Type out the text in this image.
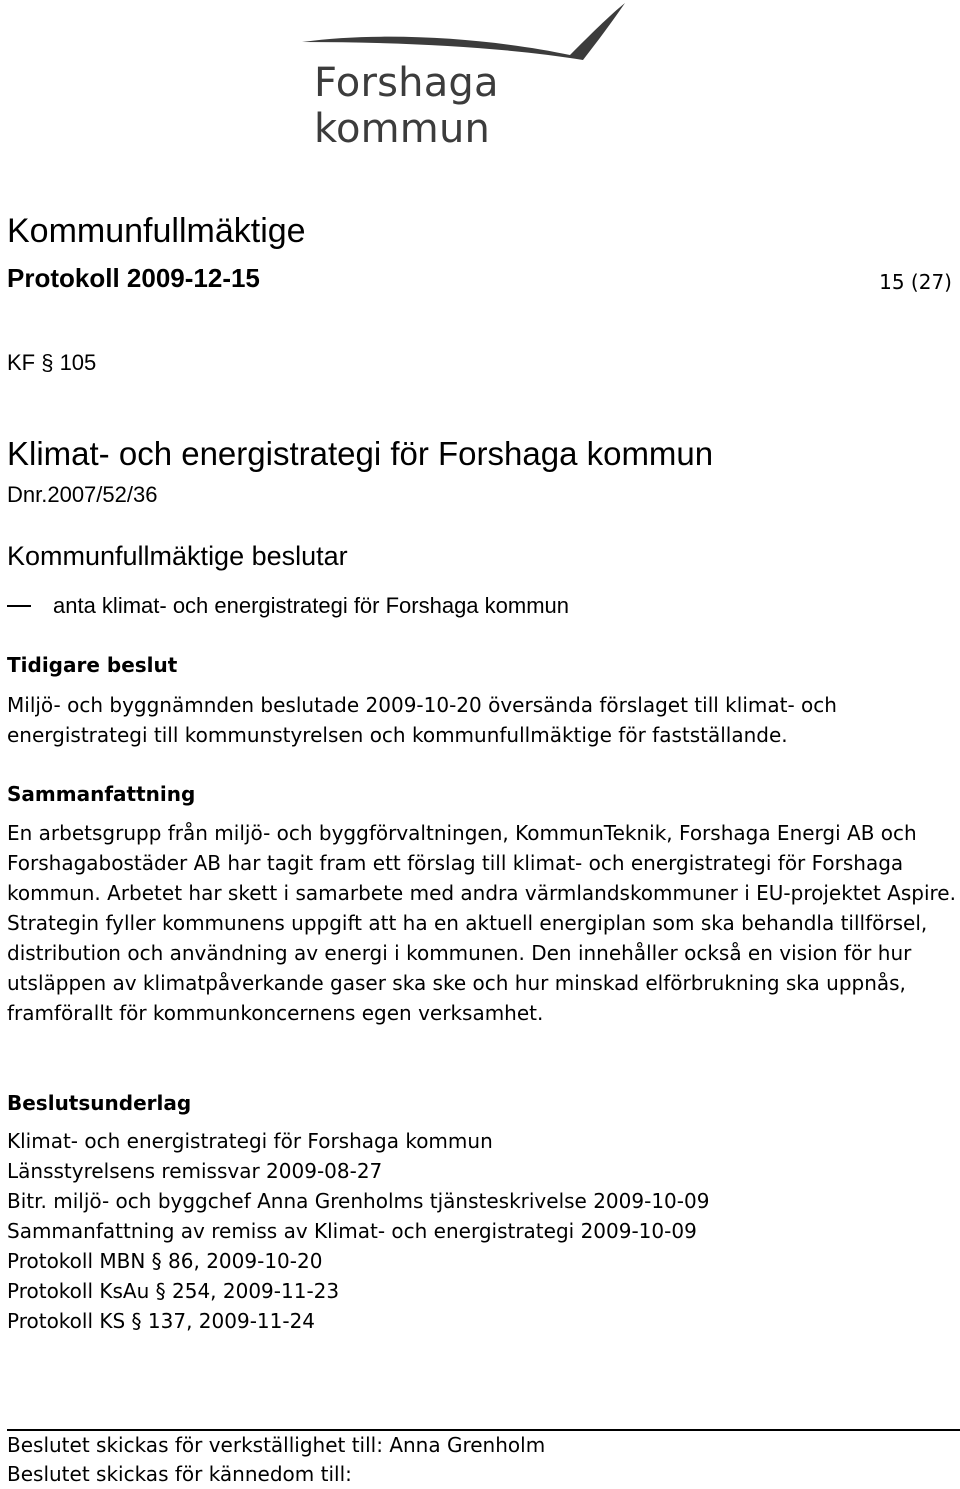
Forshaga kommun
Kommunfullmäktige
Protokoll 2009-12-15	15 (27)
KF § 105
Klimat- och energistrategi för Forshaga kommun
Dnr.2007/52/36
Kommunfullmäktige beslutar
anta klimat- och energistrategi för Forshaga kommun
Tidigare beslut
Miljö- och byggnämnden beslutade 2009-10-20 översända förslaget till klimat- och energistrategi till kommunstyrelsen och kommunfullmäktige för fastställande.
Sammanfattning
En arbetsgrupp från miljö- och byggförvaltningen, KommunTeknik, Forshaga Energi AB och Forshagabostäder AB har tagit fram ett förslag till klimat- och energistrategi för Forshaga kommun. Arbetet har skett i samarbete med andra värmlandskommuner i EU-projektet Aspire. Strategin fyller kommunens uppgift att ha en aktuell energiplan som ska behandla tillförsel, distribution och användning av energi i kommunen. Den innehåller också en vision för hur utsläppen av klimatpåverkande gaser ska ske och hur minskad elförbrukning ska uppnås, framförallt för kommunkoncernens egen verksamhet.
Beslutsunderlag
Klimat- och energistrategi för Forshaga kommun
Länsstyrelsens remissvar 2009-08-27
Bitr. miljö- och byggchef Anna Grenholms tjänsteskrivelse 2009-10-09
Sammanfattning av remiss av Klimat- och energistrategi 2009-10-09
Protokoll MBN § 86, 2009-10-20
Protokoll KsAu § 254, 2009-11-23
Protokoll KS § 137, 2009-11-24
Beslutet skickas för verkställighet till: Anna Grenholm
Beslutet skickas för kännedom till:
